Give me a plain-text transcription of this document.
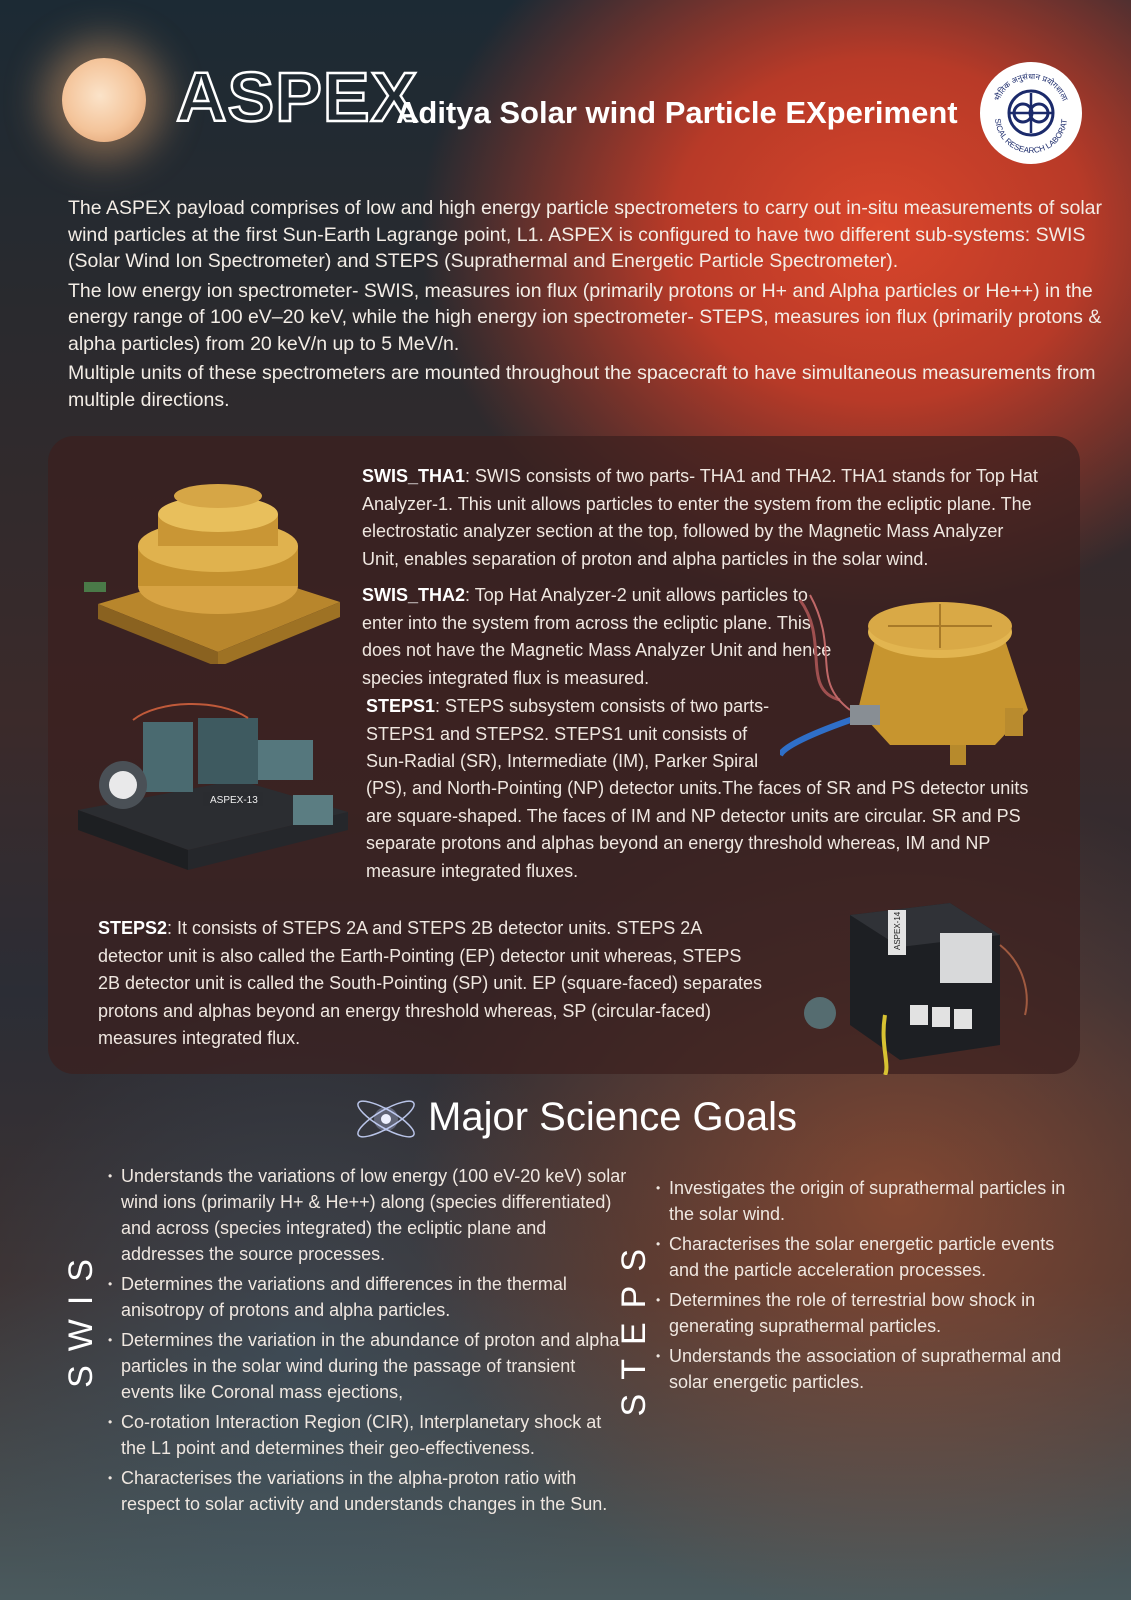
ASPEX
Aditya Solar wind Particle EXperiment	भौतिक अनुसंधान प्रयोगशाला
SICAL RESEARCH LABORAT

The ASPEX payload comprises of low and high energy particle spectrometers to carry out in-situ measurements of solar wind particles at the first Sun-Earth Lagrange point, L1. ASPEX is configured to have two different sub-systems: SWIS (Solar Wind Ion Spectrometer) and STEPS (Suprathermal and Energetic Particle Spectrometer).

The low energy ion spectrometer- SWIS, measures ion flux (primarily protons or H+ and Alpha particles or He++) in the energy range of 100 eV–20 keV, while the high energy ion spectrometer- STEPS, measures ion flux (primarily protons & alpha particles) from 20 keV/n up to 5 MeV/n.

Multiple units of these spectrometers are mounted throughout the spacecraft to have simultaneous measurements from multiple directions.

SWIS_THA1: SWIS consists of two parts- THA1 and THA2. THA1 stands for Top Hat Analyzer-1. This unit allows particles to enter the system from the ecliptic plane. The electrostatic analyzer section at the top, followed by the Magnetic Mass Analyzer Unit, enables separation of proton and alpha particles in the solar wind.
SWIS_THA2: Top Hat Analyzer-2 unit allows particles to enter into the system from across the ecliptic plane. This does not have the Magnetic Mass Analyzer Unit and hence species integrated flux is measured.
STEPS1: STEPS subsystem consists of two parts- STEPS1 and STEPS2. STEPS1 unit consists of Sun-Radial (SR), Intermediate (IM), Parker Spiral
ASPEX-13
(PS), and North-Pointing (NP) detector units.The faces of SR and PS detector units are square-shaped. The faces of IM and NP detector units are circular. SR and PS separate protons and alphas beyond an energy threshold whereas, IM and NP measure integrated fluxes.
STEPS2: It consists of STEPS 2A and STEPS 2B detector units. STEPS 2A detector unit is also called the Earth-Pointing (EP) detector unit whereas, STEPS 2B detector unit is called the South-Pointing (SP) unit. EP (square-faced) separates protons and alphas beyond an energy threshold whereas, SP (circular-faced) measures integrated flux.
ASPEX-14
Major Science Goals
SWIS
• Understands the variations of low energy (100 eV-20 keV) solar wind ions (primarily H+ & He++) along (species differentiated) and across (species integrated) the ecliptic plane and addresses the source processes.
• Determines the variations and differences in the thermal anisotropy of protons and alpha particles.
• Determines the variation in the abundance of proton and alpha particles in the solar wind during the passage of transient events like Coronal mass ejections,
• Co-rotation Interaction Region (CIR), Interplanetary shock at the L1 point and determines their geo-effectiveness.
• Characterises the variations in the alpha-proton ratio with respect to solar activity and understands changes in the Sun.
STEPS
• Investigates the origin of suprathermal particles in the solar wind.
• Characterises the solar energetic particle events and the particle acceleration processes.
• Determines the role of terrestrial bow shock in generating suprathermal particles.
• Understands the association of suprathermal and solar energetic particles.
